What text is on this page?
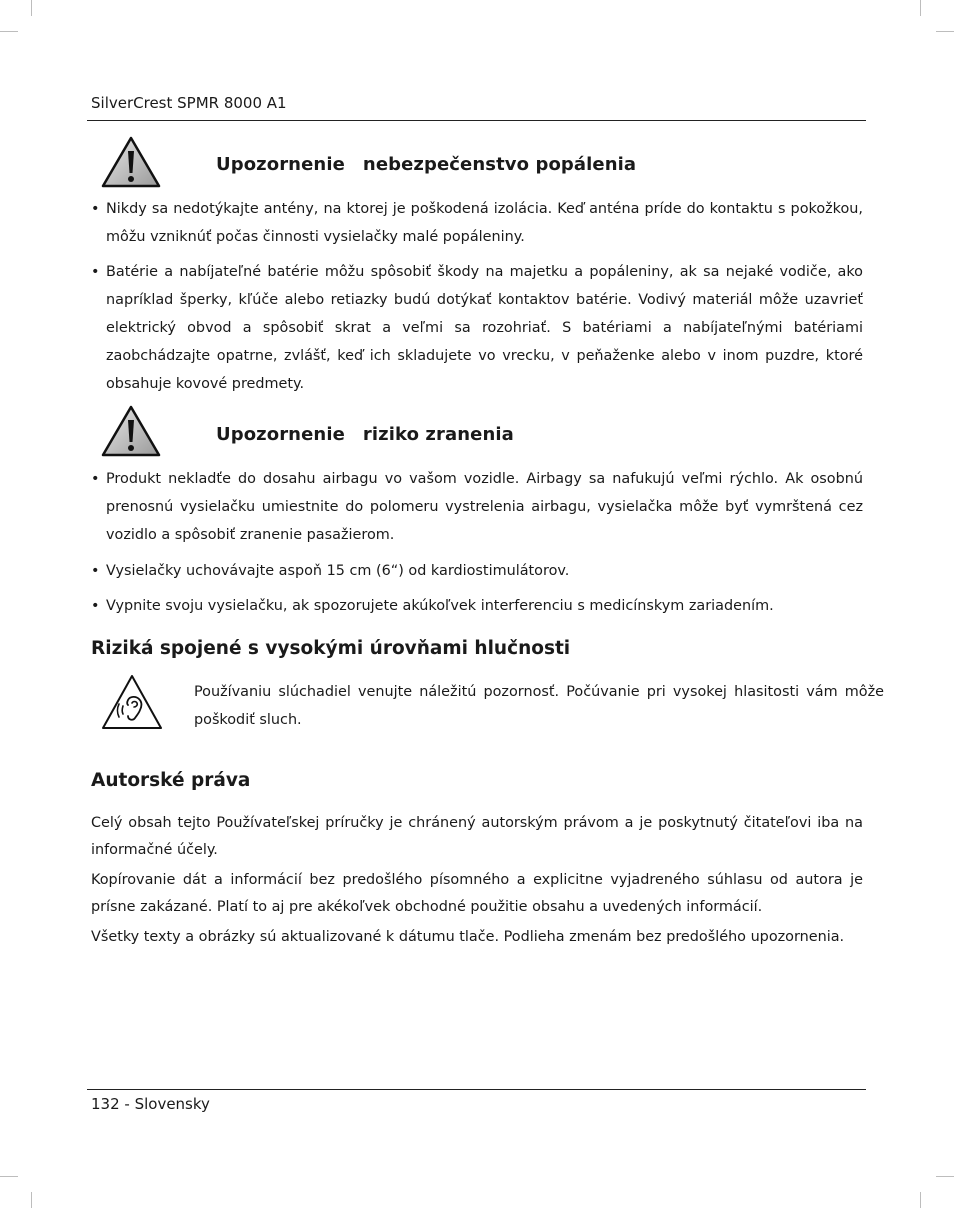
SilverCrest SPMR 8000 A1
Upozornenie nebezpečenstvo popálenia
• Nikdy sa nedotýkajte antény, na ktorej je poškodená izolácia. Keď anténa príde do kontaktu s pokožkou, môžu vzniknúť počas činnosti vysielačky malé popáleniny.
• Batérie a nabíjateľné batérie môžu spôsobiť škody na majetku a popáleniny, ak sa nejaké vodiče, ako napríklad šperky, kľúče alebo retiazky budú dotýkať kontaktov batérie. Vodivý materiál môže uzavrieť elektrický obvod a spôsobiť skrat a veľmi sa rozohriať. S batériami a nabíjateľnými batériami zaobchádzajte opatrne, zvlášť, keď ich skladujete vo vrecku, v peňaženke alebo v inom puzdre, ktoré obsahuje kovové predmety.
Upozornenie riziko zranenia
• Produkt nekladťe do dosahu airbagu vo vašom vozidle. Airbagy sa nafukujú veľmi rýchlo. Ak osobnú prenosnú vysielačku umiestnite do polomeru vystrelenia airbagu, vysielačka môže byť vymrštená cez vozidlo a spôsobiť zranenie pasažierom.
• Vysielačky uchovávajte aspoň 15 cm (6“) od kardiostimulátorov.
• Vypnite svoju vysielačku, ak spozorujete akúkoľvek interferenciu s medicínskym zariadením.
Riziká spojené s vysokými úrovňami hlučnosti
Používaniu slúchadiel venujte náležitú pozornosť. Počúvanie pri vysokej hlasitosti vám môže poškodiť sluch.
Autorské práva
Celý obsah tejto Používateľskej príručky je chránený autorským právom a je poskytnutý čitateľovi iba na informačné účely.
Kopírovanie dát a informácií bez predošlého písomného a explicitne vyjadreného súhlasu od autora je prísne zakázané. Platí to aj pre akékoľvek obchodné použitie obsahu a uvedených informácií.
Všetky texty a obrázky sú aktualizované k dátumu tlače. Podlieha zmenám bez predošlého upozornenia.
132 - Slovensky
